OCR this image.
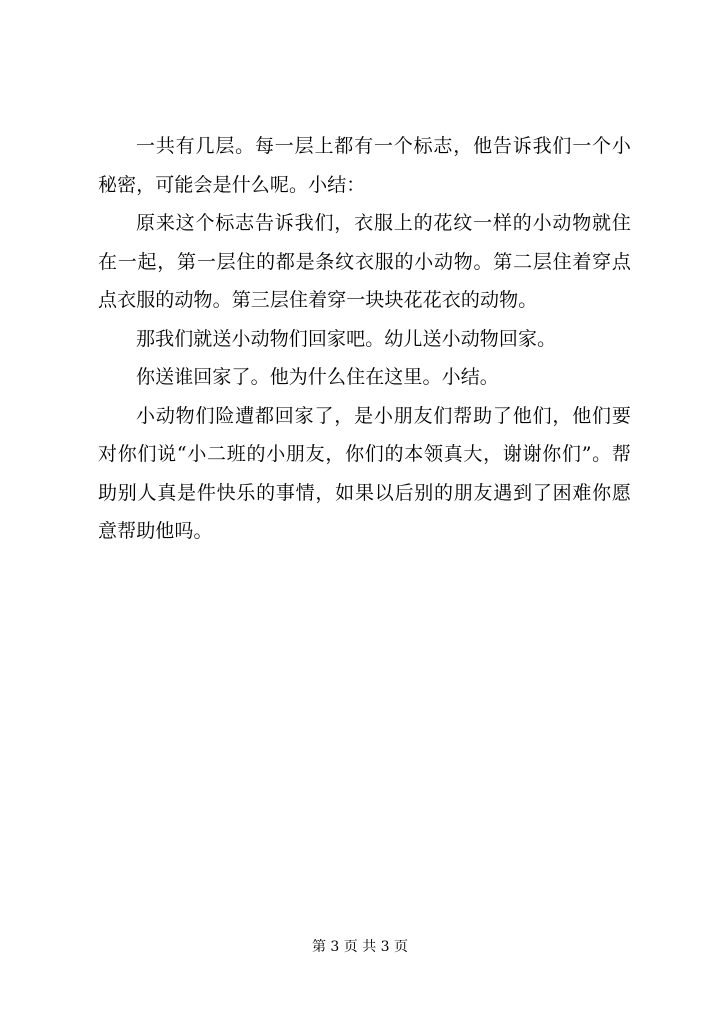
一共有几层。每一层上都有一个标志，他告诉我们一个小秘密，可能会是什么呢。小结：

原来这个标志告诉我们，衣服上的花纹一样的小动物就住在一起，第一层住的都是条纹衣服的小动物。第二层住着穿点点衣服的动物。第三层住着穿一块块花花衣的动物。

那我们就送小动物们回家吧。幼儿送小动物回家。

你送谁回家了。他为什么住在这里。小结。

小动物们险遭都回家了，是小朋友们帮助了他们，他们要对你们说“小二班的小朋友，你们的本领真大，谢谢你们”。帮助别人真是件快乐的事情，如果以后别的朋友遇到了困难你愿意帮助他吗。

第 3 页 共 3 页
